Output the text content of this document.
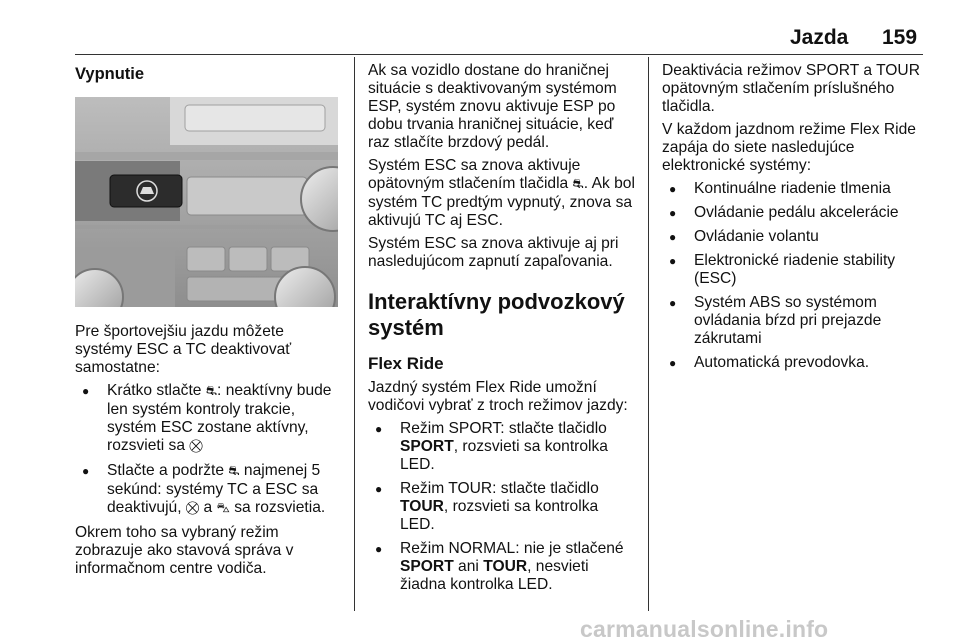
Jazda 159
Vypnutie

Pre športovejšiu jazdu môžete systémy ESC a TC deaktivovať samostatne:

● Krátko stlačte ⛐: neaktívny bude len systém kontroly trakcie, systém ESC zostane aktívny, rozsvieti sa ⛒
● Stlačte a podržte ⛐ najmenej 5 sekúnd: systémy TC a ESC sa deaktivujú, ⛒ a ⛍ sa rozsvietia.

Okrem toho sa vybraný režim zobrazuje ako stavová správa v informačnom centre vodiča.

Ak sa vozidlo dostane do hraničnej situácie s deaktivovaným systémom ESP, systém znovu aktivuje ESP po dobu trvania hraničnej situácie, keď raz stlačíte brzdový pedál.

Systém ESC sa znova aktivuje opätovným stlačením tlačidla ⛐. Ak bol systém TC predtým vypnutý, znova sa aktivujú TC aj ESC.

Systém ESC sa znova aktivuje aj pri nasledujúcom zapnutí zapaľovania.

Interaktívny podvozkový systém
Flex Ride

Jazdný systém Flex Ride umožní vodičovi vybrať z troch režimov jazdy:

● Režim SPORT: stlačte tlačidlo SPORT, rozsvieti sa kontrolka LED.
● Režim TOUR: stlačte tlačidlo TOUR, rozsvieti sa kontrolka LED.
● Režim NORMAL: nie je stlačené SPORT ani TOUR, nesvieti žiadna kontrolka LED.

Deaktivácia režimov SPORT a TOUR opätovným stlačením príslušného tlačidla.

V každom jazdnom režime Flex Ride zapája do siete nasledujúce elektronické systémy:

● Kontinuálne riadenie tlmenia
● Ovládanie pedálu akcelerácie
● Ovládanie volantu
● Elektronické riadenie stability (ESC)
● Systém ABS so systémom ovládania bŕzd pri prejazde zákrutami
● Automatická prevodovka.
carmanualsonline.info
